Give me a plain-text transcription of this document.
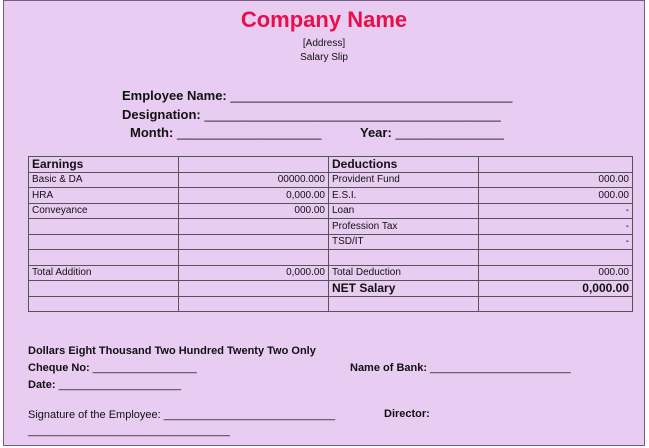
Company Name
[Address]
Salary Slip
Employee Name: _______________________________________
Designation: _________________________________________
Month: ____________________	Year: _______________
Earnings		Deductions	
Basic & DA	00000.000	Provident Fund	000.00
HRA	0,000.00	E.S.I.	000.00
Conveyance	000.00	Loan	-
		Profession Tax	-
		TSD/IT	-

Total Addition	0,000.00	Total Deduction	000.00
		NET Salary	0,000.00

Dollars Eight Thousand Two Hundred Twenty Two Only
Cheque No: _________________	Name of Bank: _______________________
Date: ____________________
Signature of the Employee: ____________________________	Director:
_________________________________
